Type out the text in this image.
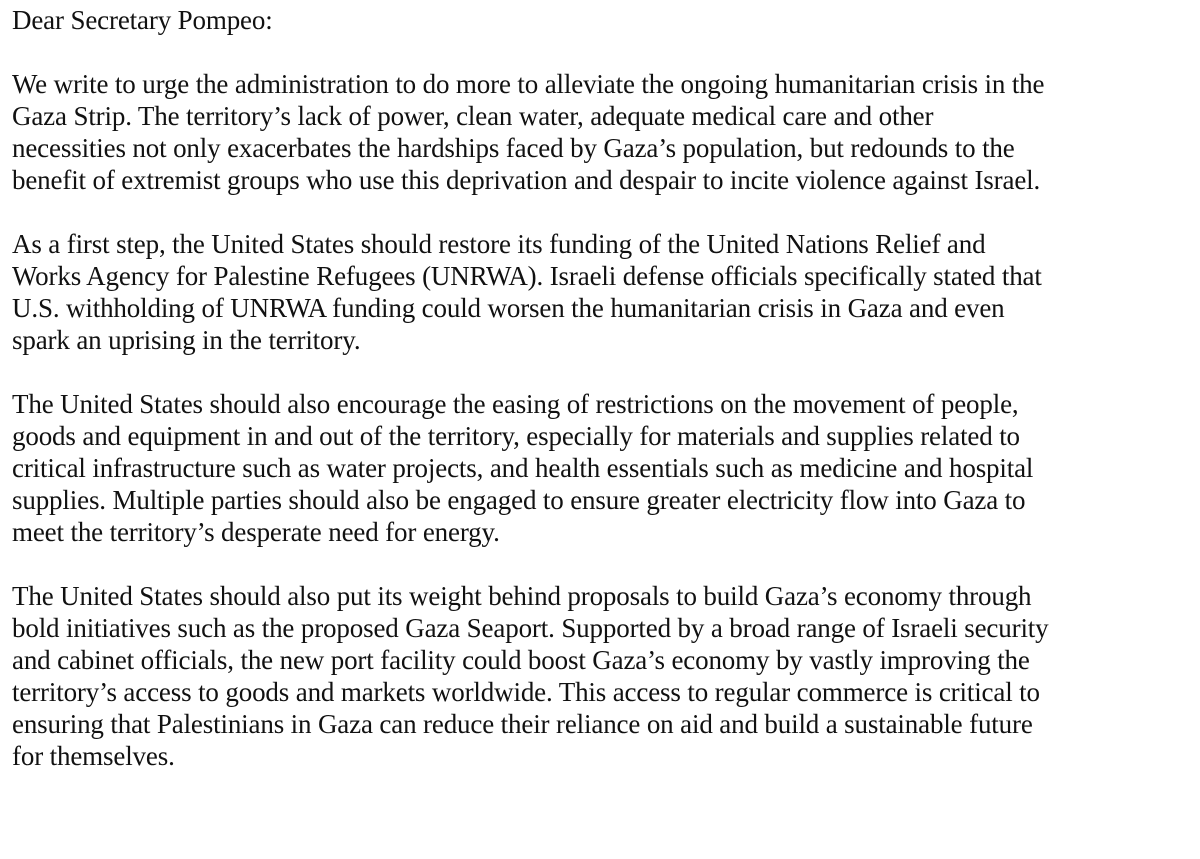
Dear Secretary Pompeo:
We write to urge the administration to do more to alleviate the ongoing humanitarian crisis in the
Gaza Strip. The territory’s lack of power, clean water, adequate medical care and other
necessities not only exacerbates the hardships faced by Gaza’s population, but redounds to the
benefit of extremist groups who use this deprivation and despair to incite violence against Israel.
As a first step, the United States should restore its funding of the United Nations Relief and
Works Agency for Palestine Refugees (UNRWA). Israeli defense officials specifically stated that
U.S. withholding of UNRWA funding could worsen the humanitarian crisis in Gaza and even
spark an uprising in the territory.
The United States should also encourage the easing of restrictions on the movement of people,
goods and equipment in and out of the territory, especially for materials and supplies related to
critical infrastructure such as water projects, and health essentials such as medicine and hospital
supplies. Multiple parties should also be engaged to ensure greater electricity flow into Gaza to
meet the territory’s desperate need for energy.
The United States should also put its weight behind proposals to build Gaza’s economy through
bold initiatives such as the proposed Gaza Seaport. Supported by a broad range of Israeli security
and cabinet officials, the new port facility could boost Gaza’s economy by vastly improving the
territory’s access to goods and markets worldwide. This access to regular commerce is critical to
ensuring that Palestinians in Gaza can reduce their reliance on aid and build a sustainable future
for themselves.
